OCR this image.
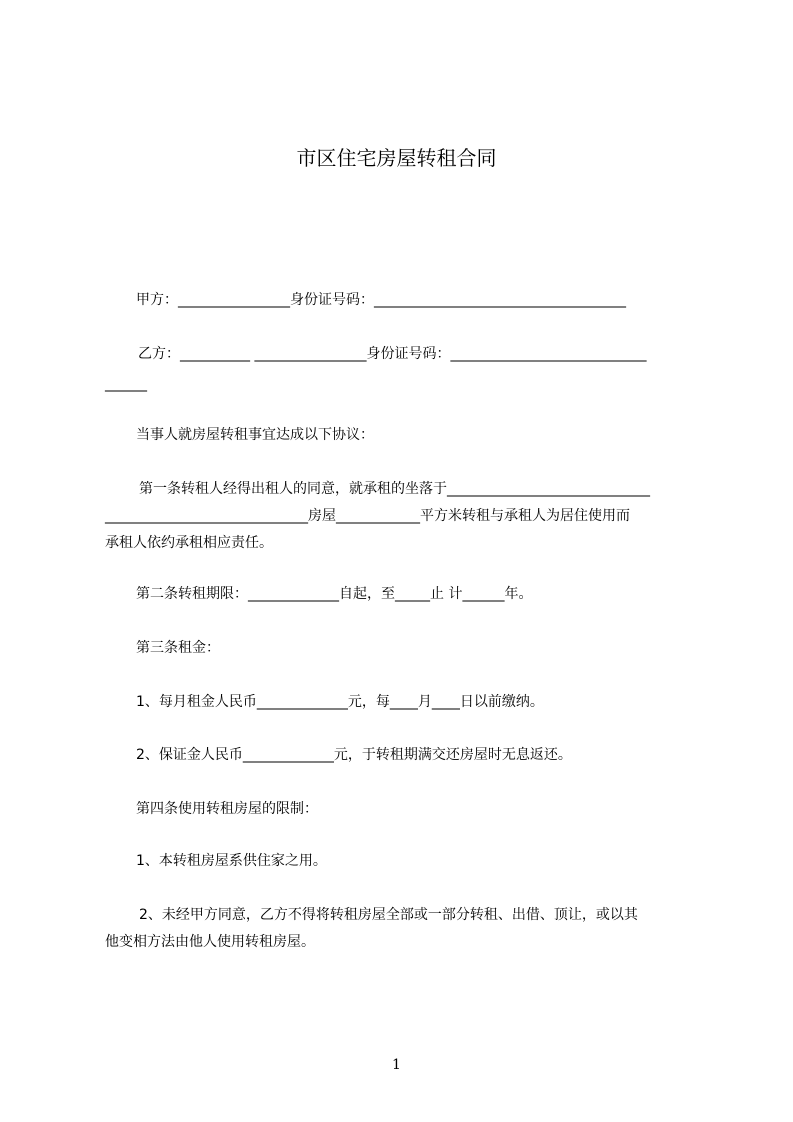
市区住宅房屋转租合同
甲方：________________身份证号码：____________________________________
乙方：__________ ________________身份证号码：____________________________
______
当事人就房屋转租事宜达成以下协议：
第一条转租人经得出租人的同意，就承租的坐落于_____________________________
_____________________________房屋____________平方米转租与承租人为居住使用而
承租人依约承租相应责任。
第二条转租期限：_____________自起，至_____止 计______年。
第三条租金：
1、每月租金人民币_____________元，每____月____日以前缴纳。
2、保证金人民币_____________元，于转租期满交还房屋时无息返还。
第四条使用转租房屋的限制：
1、本转租房屋系供住家之用。
2、未经甲方同意，乙方不得将转租房屋全部或一部分转租、出借、顶让，或以其
他变相方法由他人使用转租房屋。
1
